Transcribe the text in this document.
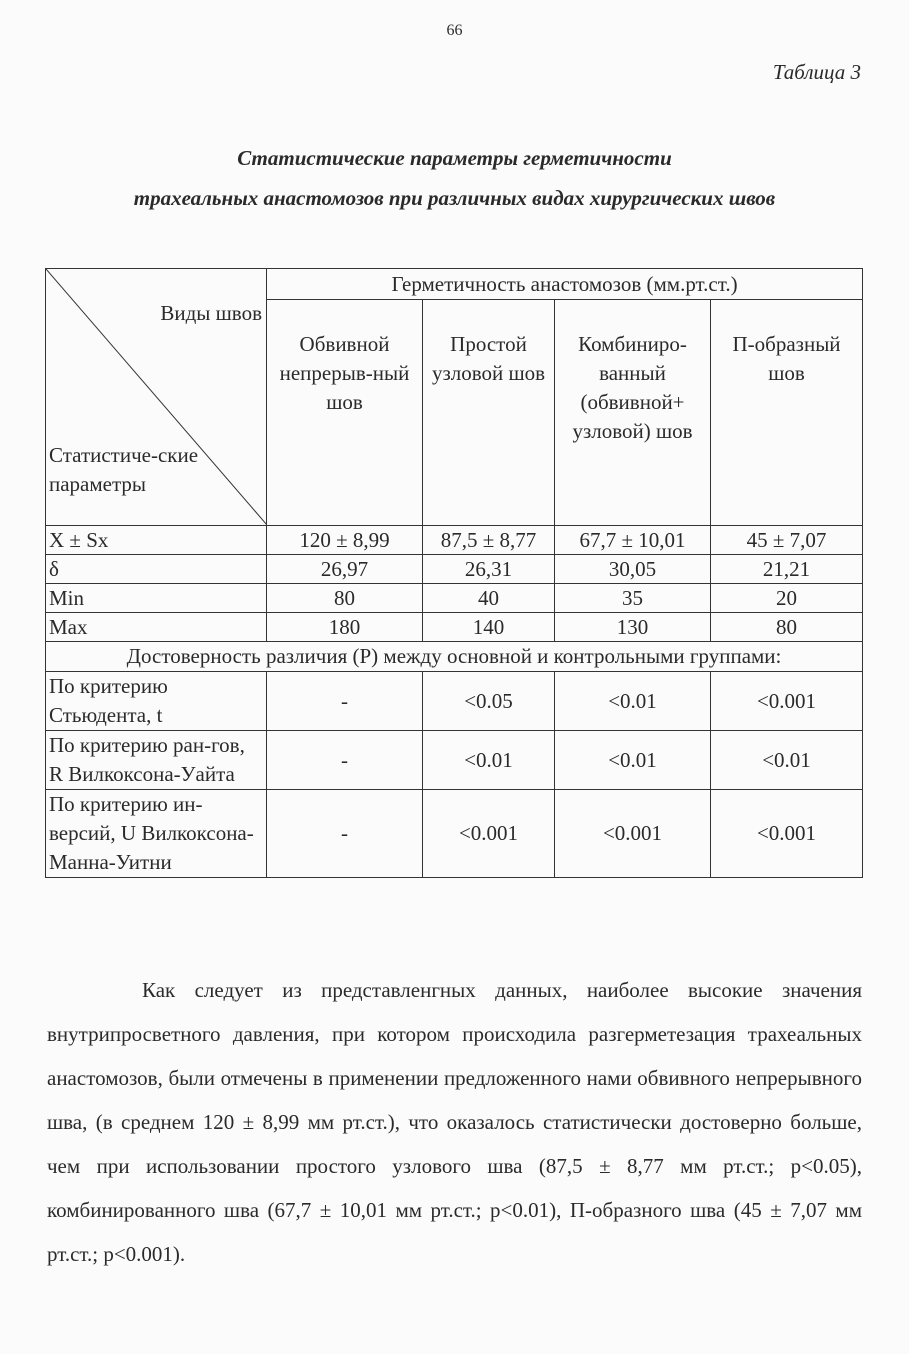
66
Таблица 3
Статистические параметры герметичности
трахеальных анастомозов при различных видах хирургических швов
Виды швов
Статистиче-ские параметры	Герметичность анастомозов (мм.рт.ст.)			
	Обвивной непрерыв-ный шов	Простой узловой шов	Комбиниро-ванный (обвивной+ узловой) шов	П-образный шов
X ± Sx	120 ± 8,99	87,5 ± 8,77	67,7 ± 10,01	45 ± 7,07
δ	26,97	26,31	30,05	21,21
Min	80	40	35	20
Max	180	140	130	80
Достоверность различия (Р) между основной и контрольными группами:				
По критерию Стьюдента, t	-	<0.05	<0.01	<0.001
По критерию ран-гов, R Вилкоксона-Уайта	-	<0.01	<0.01	<0.01
По критерию ин-версий, U Вилкоксона-Манна-Уитни	-	<0.001	<0.001	<0.001

Как следует из представленгных данных, наиболее высокие значения внутрипросветного давления, при котором происходила разгерметезация трахеальных анастомозов, были отмечены в применении предложенного нами обвивного непрерывного шва, (в среднем 120 ± 8,99 мм рт.ст.), что оказалось статистически достоверно больше, чем при использовании простого узлового шва (87,5 ± 8,77 мм рт.ст.; p<0.05), комбинированного шва (67,7 ± 10,01 мм рт.ст.; p<0.01), П-образного шва (45 ± 7,07 мм рт.ст.; p<0.001).
